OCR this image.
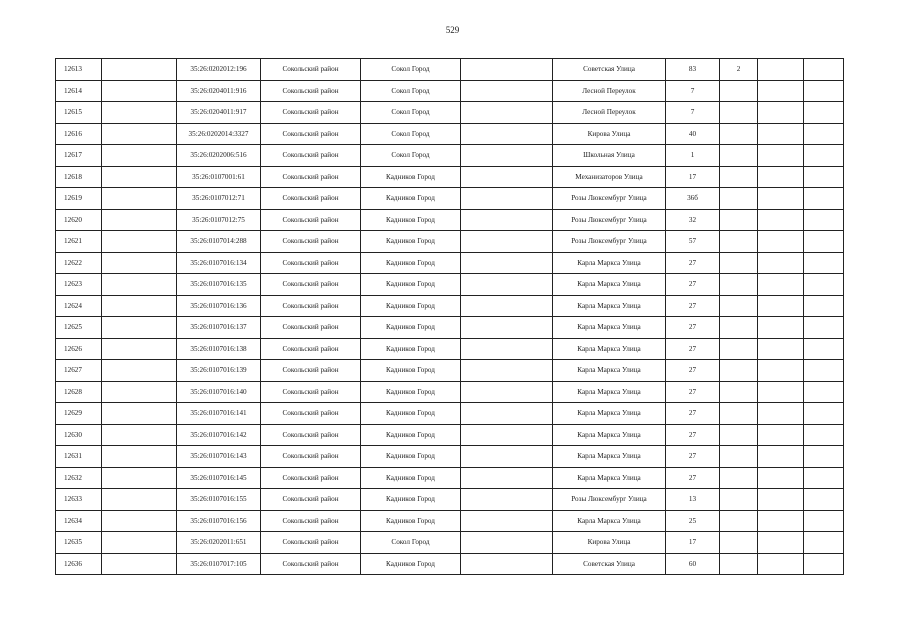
529
12613		35:26:0202012:196	Сокольский район	Сокол Город		Советская Улица	83	2		
12614		35:26:0204011:916	Сокольский район	Сокол Город		Лесной Переулок	7			
12615		35:26:0204011:917	Сокольский район	Сокол Город		Лесной Переулок	7			
12616		35:26:0202014:3327	Сокольский район	Сокол Город		Кирова Улица	40			
12617		35:26:0202006:516	Сокольский район	Сокол Город		Школьная Улица	1			
12618		35:26:0107001:61	Сокольский район	Кадников Город		Механизаторов Улица	17			
12619		35:26:0107012:71	Сокольский район	Кадников Город		Розы Люксембург Улица	36б			
12620		35:26:0107012:75	Сокольский район	Кадников Город		Розы Люксембург Улица	32			
12621		35:26:0107014:288	Сокольский район	Кадников Город		Розы Люксембург Улица	57			
12622		35:26:0107016:134	Сокольский район	Кадников Город		Карла Маркса Улица	27			
12623		35:26:0107016:135	Сокольский район	Кадников Город		Карла Маркса Улица	27			
12624		35:26:0107016:136	Сокольский район	Кадников Город		Карла Маркса Улица	27			
12625		35:26:0107016:137	Сокольский район	Кадников Город		Карла Маркса Улица	27			
12626		35:26:0107016:138	Сокольский район	Кадников Город		Карла Маркса Улица	27			
12627		35:26:0107016:139	Сокольский район	Кадников Город		Карла Маркса Улица	27			
12628		35:26:0107016:140	Сокольский район	Кадников Город		Карла Маркса Улица	27			
12629		35:26:0107016:141	Сокольский район	Кадников Город		Карла Маркса Улица	27			
12630		35:26:0107016:142	Сокольский район	Кадников Город		Карла Маркса Улица	27			
12631		35:26:0107016:143	Сокольский район	Кадников Город		Карла Маркса Улица	27			
12632		35:26:0107016:145	Сокольский район	Кадников Город		Карла Маркса Улица	27			
12633		35:26:0107016:155	Сокольский район	Кадников Город		Розы Люксембург Улица	13			
12634		35:26:0107016:156	Сокольский район	Кадников Город		Карла Маркса Улица	25			
12635		35:26:0202011:651	Сокольский район	Сокол Город		Кирова Улица	17			
12636		35:26:0107017:105	Сокольский район	Кадников Город		Советская Улица	60			
